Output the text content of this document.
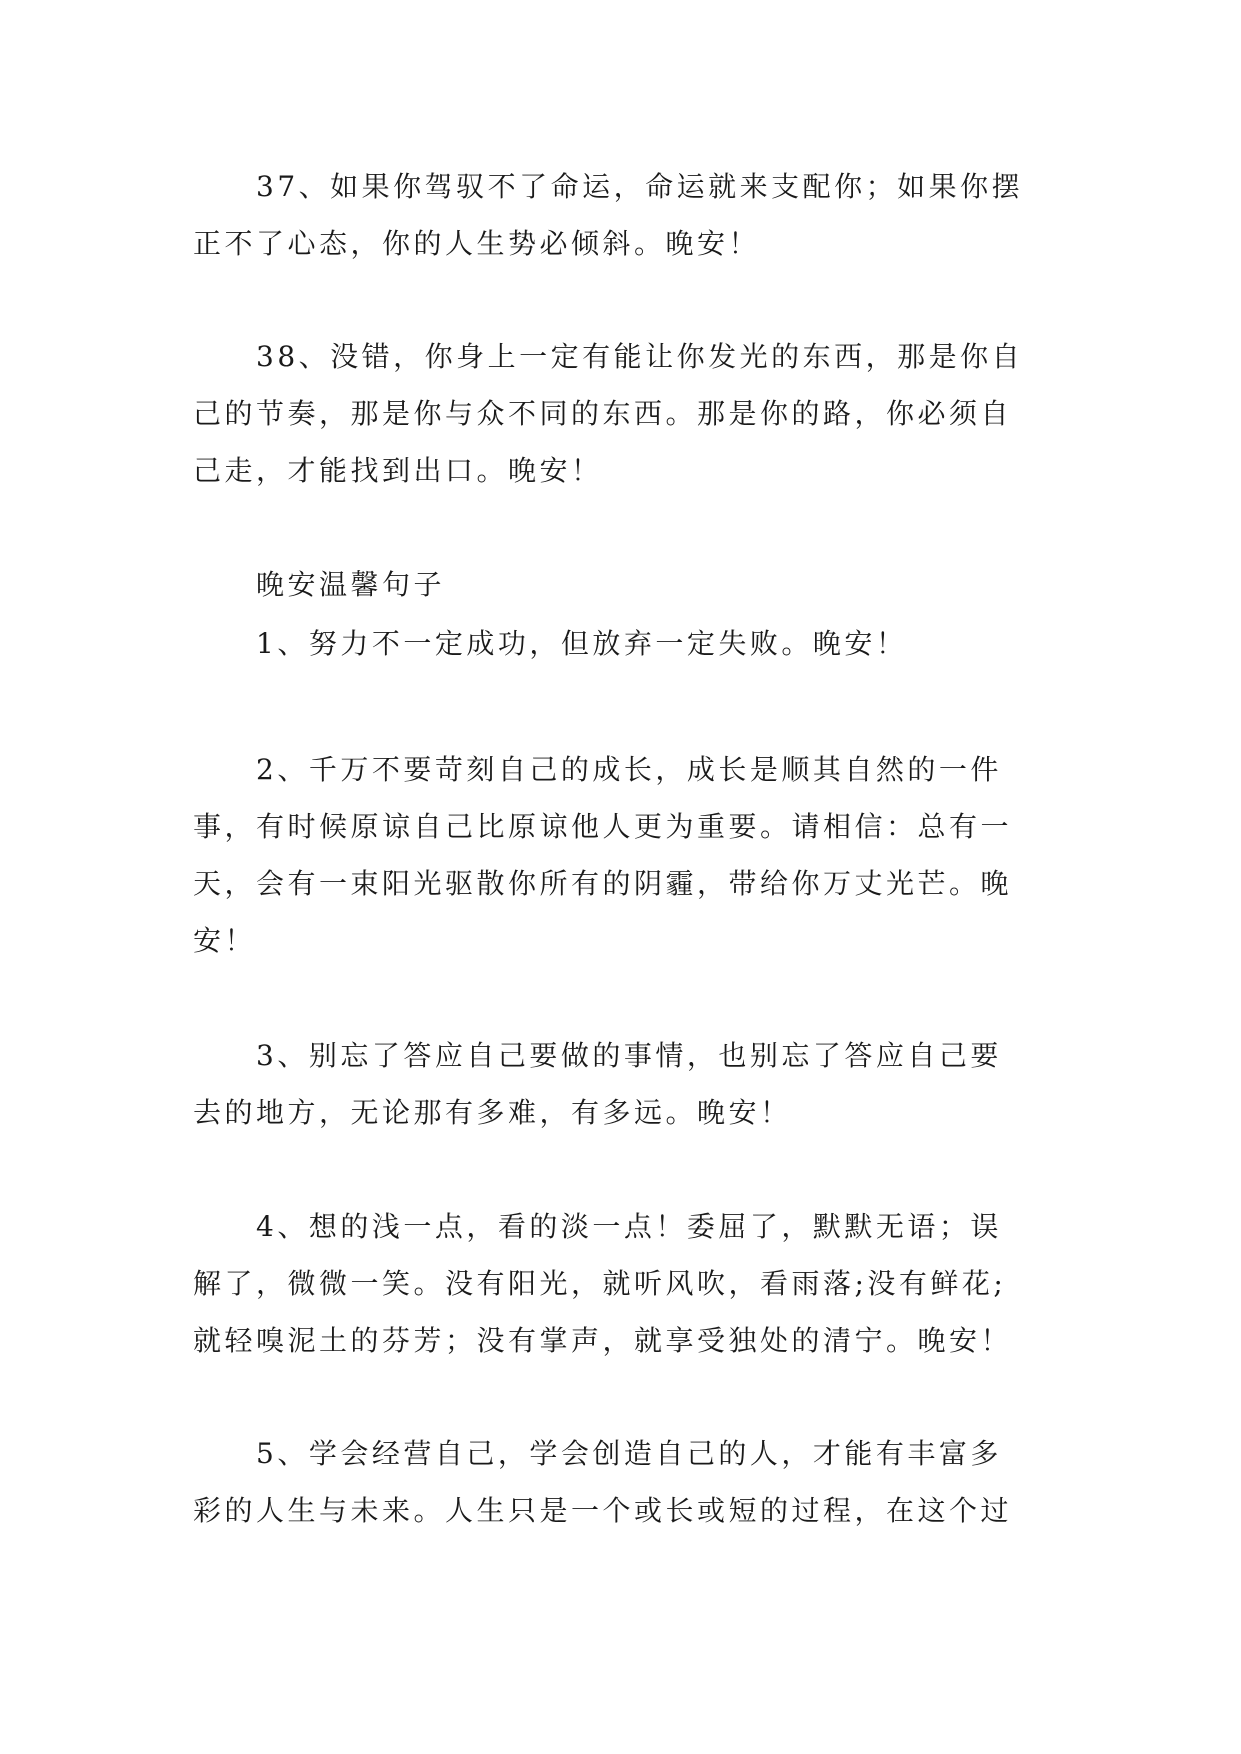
37、如果你驾驭不了命运，命运就来支配你；如果你摆
正不了心态，你的人生势必倾斜。晚安！
38、没错，你身上一定有能让你发光的东西，那是你自
己的节奏，那是你与众不同的东西。那是你的路，你必须自
己走，才能找到出口。晚安！
晚安温馨句子
1、努力不一定成功，但放弃一定失败。晚安！
2、千万不要苛刻自己的成长，成长是顺其自然的一件
事，有时候原谅自己比原谅他人更为重要。请相信：总有一
天，会有一束阳光驱散你所有的阴霾，带给你万丈光芒。晚
安！
3、别忘了答应自己要做的事情，也别忘了答应自己要
去的地方，无论那有多难，有多远。晚安！
4、想的浅一点，看的淡一点！委屈了，默默无语；误
解了，微微一笑。没有阳光，就听风吹，看雨落;没有鲜花;
就轻嗅泥土的芬芳；没有掌声，就享受独处的清宁。晚安！
5、学会经营自己，学会创造自己的人，才能有丰富多
彩的人生与未来。人生只是一个或长或短的过程，在这个过
